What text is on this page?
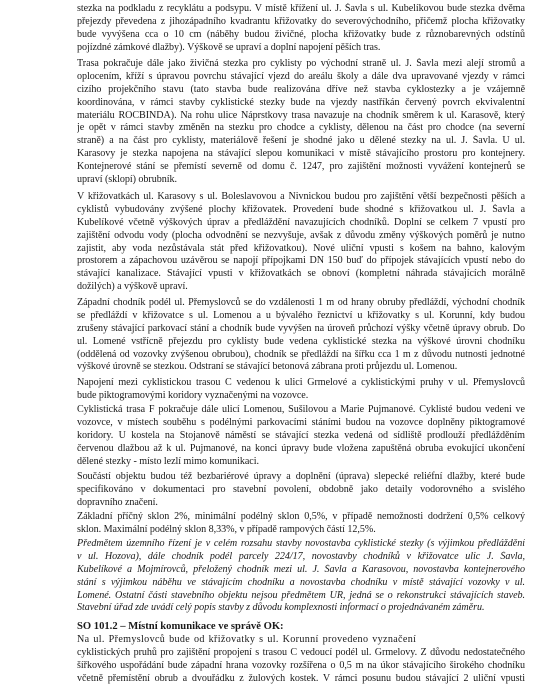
stezka na podkladu z recyklátu a podsypu. V místě křížení ul. J. Šavla s ul. Kubelíkovou bude stezka dvěma
přejezdy převedena z jihozápadního kvadrantu křižovatky do severovýchodního, přičemž plocha křižovatky
bude vyvýšena cca o 10 cm (náběhy budou živičné, plocha křižovatky bude z různobarevných odstínů
pojízdné zámkové dlažby). Výškově se upraví a doplní napojení pěších tras.
Trasa pokračuje dále jako živičná stezka pro cyklisty po východní straně ul. J. Šavla mezi alejí stromů a
oplocením, kříží s úpravou povrchu stávající vjezd do areálu školy a dále dva upravované vjezdy v rámci
cizího projekčního stavu (tato stavba bude realizována dříve než stavba cyklostezky a je vzájemně
koordinována, v rámci stavby cyklistické stezky bude na vjezdy nastříkán červený povrch ekvivalentní
materiálu ROCBINDA). Na rohu ulice Náprstkovy trasa navazuje na chodník směrem k ul. Karasově, který
je opět v rámci stavby změněn na stezku pro chodce a cyklisty, dělenou na část pro chodce (na severní
straně) a na část pro cyklisty, materiálově řešení je shodné jako u dělené stezky na ul. J. Šavla. U ul.
Karasovy je stezka napojena na stávající slepou komunikaci v místě stávajícího prostoru pro kontejnery.
Kontejnerové stání se přemístí severně od domu č. 1247, pro zajištění možnosti vyvážení kontejnerů se
upraví (sklopí) obrubník.
V křižovatkách ul. Karasovy s ul. Boleslavovou a Nivnickou budou pro zajištění větší bezpečnosti pěších a
cyklistů vybudovány zvýšené plochy křižovatek. Provedení bude shodné s křižovatkou ul. J. Šavla a
Kubelíkové včetně výškových úprav a předláždění navazujících chodníků. Doplní se celkem 7 vpustí pro
zajištění odvodu vody (plocha odvodnění se nezvyšuje, avšak z důvodu změny výškových poměrů je nutno
zajistit, aby voda nezůstávala stát před křižovatkou). Nové uliční vpusti s košem na bahno, kalovým
prostorem a zápachovou uzávěrou se napojí přípojkami DN 150 buď do přípojek stávajících vpustí nebo do
stávající kanalizace. Stávající vpusti v křižovatkách se obnoví (kompletní náhrada stávajících morálně
dožilých) a výškově upraví.
Západní chodník podél ul. Přemyslovců se do vzdálenosti 1 m od hrany obruby předláždí, východní chodník
se předláždí v křižovatce s ul. Lomenou a u bývalého řeznictví u křižovatky s ul. Korunní, kdy budou
zrušeny stávající parkovací stání a chodník bude vyvýšen na úroveň průchozí výšky včetně úpravy obrub. Do
ul. Lomené vstřícně přejezdu pro cyklisty bude vedena cyklistické stezka na výškové úrovni chodníku
(oddělená od vozovky zvýšenou obrubou), chodník se předláždí na šířku cca 1 m z důvodu nutnosti jednotné
výškové úrovně se stezkou. Odstraní se stávající betonová zábrana proti průjezdu ul. Lomenou.
Napojení mezi cyklistickou trasou C vedenou k ulici Grmelové a cyklistickými pruhy v ul. Přemyslovců
bude piktogramovými koridory vyznačenými na vozovce.
Cyklistická trasa F pokračuje dále ulicí Lomenou, Sušilovou a Marie Pujmanové. Cyklisté budou vedeni ve
vozovce, v místech souběhu s podélnými parkovacími stáními budou na vozovce doplněny piktogramové
koridory. U kostela na Stojanově náměstí se stávající stezka vedená od sídliště prodlouží předlážděním
červenou dlažbou až k ul. Pujmanové, na konci úpravy bude vložena zapuštěná obruba evokující ukončení
dělené stezky - místo lezlí mimo komunikaci.
Součástí objektu budou též bezbariérové úpravy a doplnění (úprava) slepecké reliéfní dlažby, které bude
specifikováno v dokumentaci pro stavební povolení, obdobně jako detaily vodorovného a svislého
dopravního značení.
Základní příčný sklon 2%, minimální podélný sklon 0,5%, v případě nemožnosti dodržení 0,5% celkový
sklon. Maximální podélný sklon 8,33%, v případě rampových částí 12,5%.
Předmětem územního řízení je v celém rozsahu stavby novostavba cyklistické stezky (s výjimkou předláždění
v ul. Hozova), dále chodník podél parcely 224/17, novostavby chodníků v křižovatce ulic J. Šavla,
Kubelíkové a Mojmírovců, přeložený chodník mezi ul. J. Šavla a Karasovou, novostavba kontejnerového
stání s výjimkou náběhu ve stávajícím chodníku a novostavba chodníku v místě stávající vozovky v ul.
Lomené. Ostatní části stavebního objektu nejsou předmětem ÚR, jedná se o rekonstrukci stávajících staveb.
Stavební úřad zde uvádí celý popis stavby z důvodu komplexnosti informací o projednávaném záměru.
SO 101.2 – Místní komunikace ve správě OK:
Na ul. Přemyslovců bude od křižovatky s ul. Korunní provedeno vyznačení
cyklistických pruhů pro zajištění propojení s trasou C vedoucí podél ul. Grmelovy. Z důvodu nedostatečného
šířkového uspořádání bude západní hrana vozovky rozšířena o 0,5 m na úkor stávajícího širokého chodníku
včetně přemístění obrub a dvouřádku z žulových kostek. V rámci posunu budou stávající 2 uliční vpusti
